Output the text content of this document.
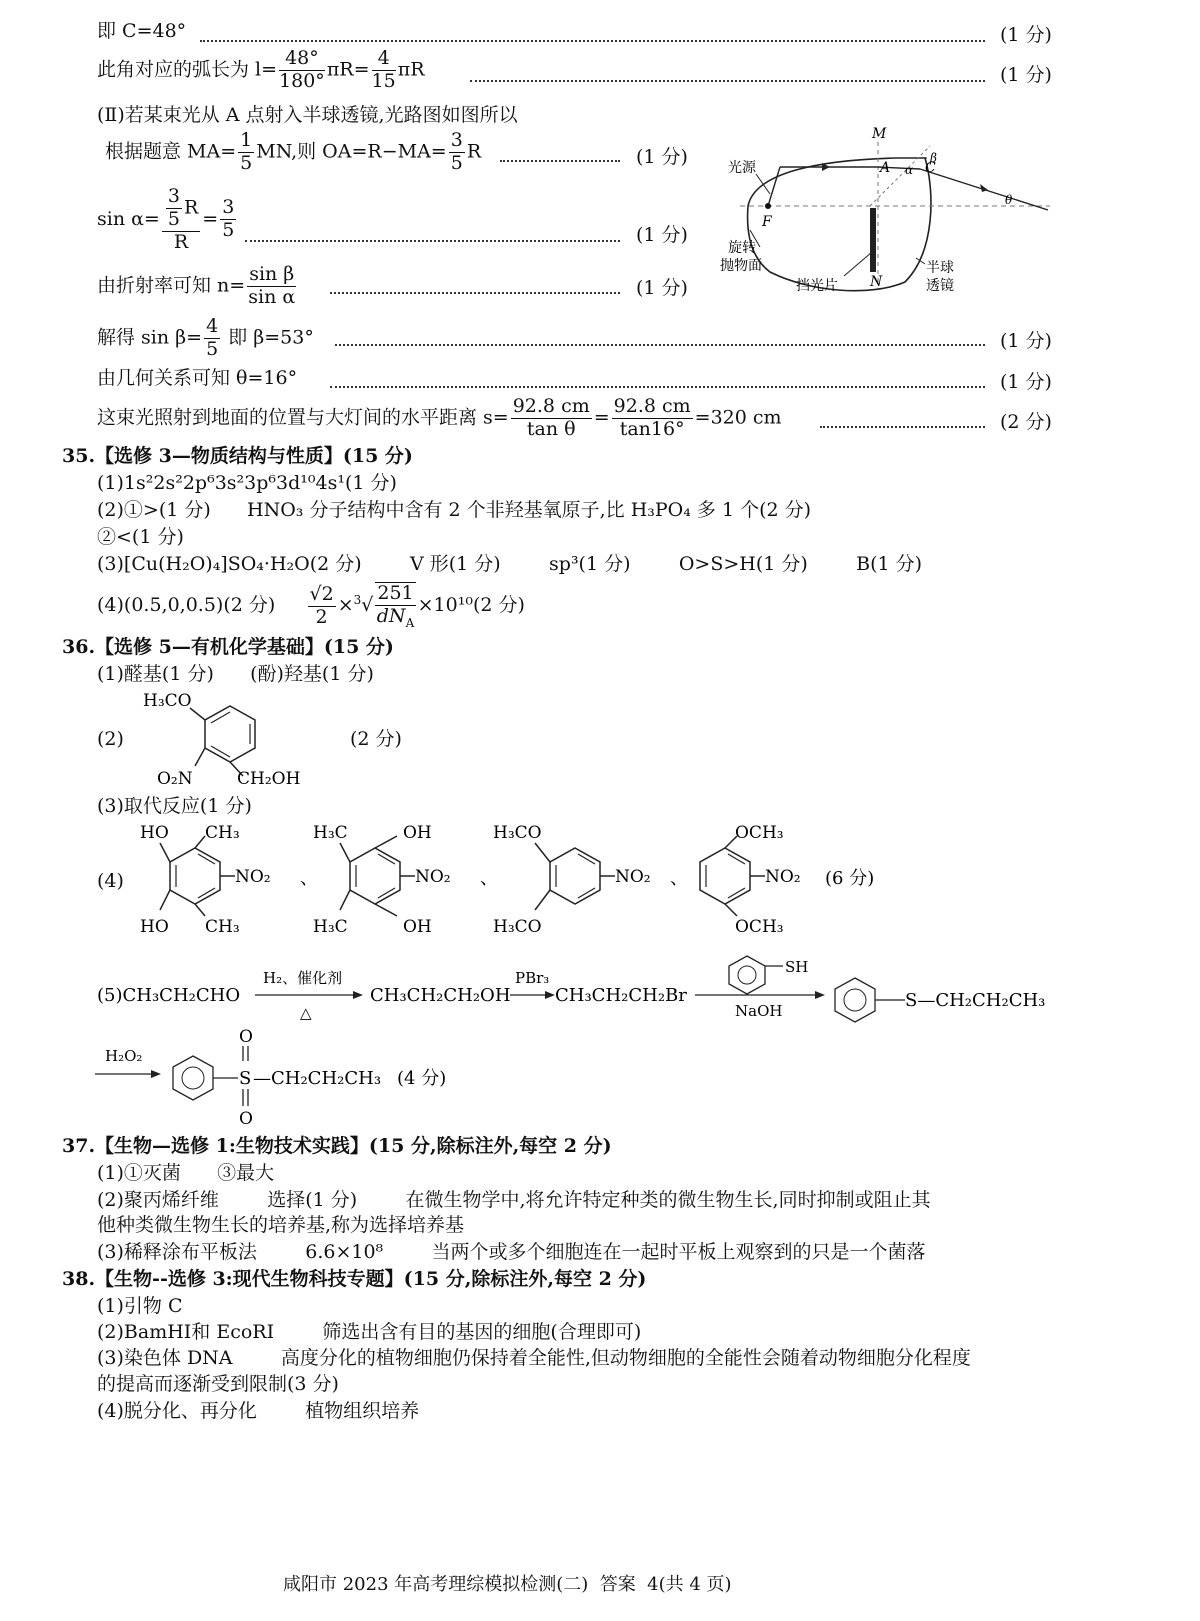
即 C=48°	(1 分)
此角对应的弧长为 $l= \frac{48^\circ}{180^\circ} \pi R= \frac{4}{15}$ πR	(1 分)
(Ⅱ)若某束光从 A 点射入半球透镜,光路图如图所以
根据题意 $MA= \frac{1}{5}$ MN,则 $OA=R-MA= \frac{3}{5}$ R	(1 分)
$\sin \alpha= \frac{\frac{3}{5} R}{R} = \frac{3}{5}$	(1 分)
由折射率可知 $n= \frac{\text{sin β}}{\text{sin α}}$	(1 分)
解得 $\sin \beta= \frac{4}{5}$ 即 β=53°	(1 分)
由几何关系可知 θ=16°	(1 分)
这束光照射到地面的位置与大灯间的水平距离 $s= \frac{92.8 cm}{\text{tan θ}} = \frac{92.8 cm}{\tan 16^\circ} =320$ cm	(2 分)
M
A C
α
β
θ
F
N
光源
旋转
抛物面
挡光片
半球
透镜
35.【选修 3—物质结构与性质】(15 分)
(1)1s²2s²2p⁶3s²3p⁶3d¹⁰4s¹(1 分)
(2)①>(1 分)      HNO₃ 分子结构中含有 2 个非羟基氧原子,比 H₃PO₄ 多 1 个(2 分)
②<(1 分)
(3)[Cu(H₂O)₄]SO₄·H₂O(2 分)        V 形(1 分)        sp³(1 分)        O>S>H(1 分)        B(1 分)
(4)(0.5,0,0.5)(2 分) $\frac{√2}{2} \times^3√ \frac{251}{dN_A} \times 10^{10}(2$ 分)
36.【选修 5—有机化学基础】(15 分)
(1)醛基(1 分)      (酚)羟基(1 分)
(2)	(2 分)
H₃CO
O₂N	CH₂OH
(3)取代反应(1 分)
(4)
HO CH₃
NO₂
HO CH₃
、
H₃C	OH
NO₂
H₃C	OH
、
H₃CO
NO₂
H₃CO
、
OCH₃
NO₂
OCH₃
(6 分)
(5)CH₃CH₂CHO
H₂、催化剂
△
CH₃CH₂CH₂OH
PBr₃
CH₃CH₂CH₂Br
SH
NaOH	S—CH₂CH₂CH₃
H₂O₂
S
O
O
—CH₂CH₂CH₃ (4 分)
37.【生物—选修 1:生物技术实践】(15 分,除标注外,每空 2 分)
(1)①灭菌      ③最大
(2)聚丙烯纤维        选择(1 分)        在微生物学中,将允许特定种类的微生物生长,同时抑制或阻止其
他种类微生物生长的培养基,称为选择培养基
(3)稀释涂布平板法        6.6×10⁸        当两个或多个细胞连在一起时平板上观察到的只是一个菌落
38.【生物--选修 3:现代生物科技专题】(15 分,除标注外,每空 2 分)
(1)引物 C
(2)BamHⅠ和 EcoRⅠ        筛选出含有目的基因的细胞(合理即可)
(3)染色体 DNA        高度分化的植物细胞仍保持着全能性,但动物细胞的全能性会随着动物细胞分化程度
的提高而逐渐受到限制(3 分)
(4)脱分化、再分化        植物组织培养
咸阳市 2023 年高考理综模拟检测(二)  答案  4(共 4 页)
